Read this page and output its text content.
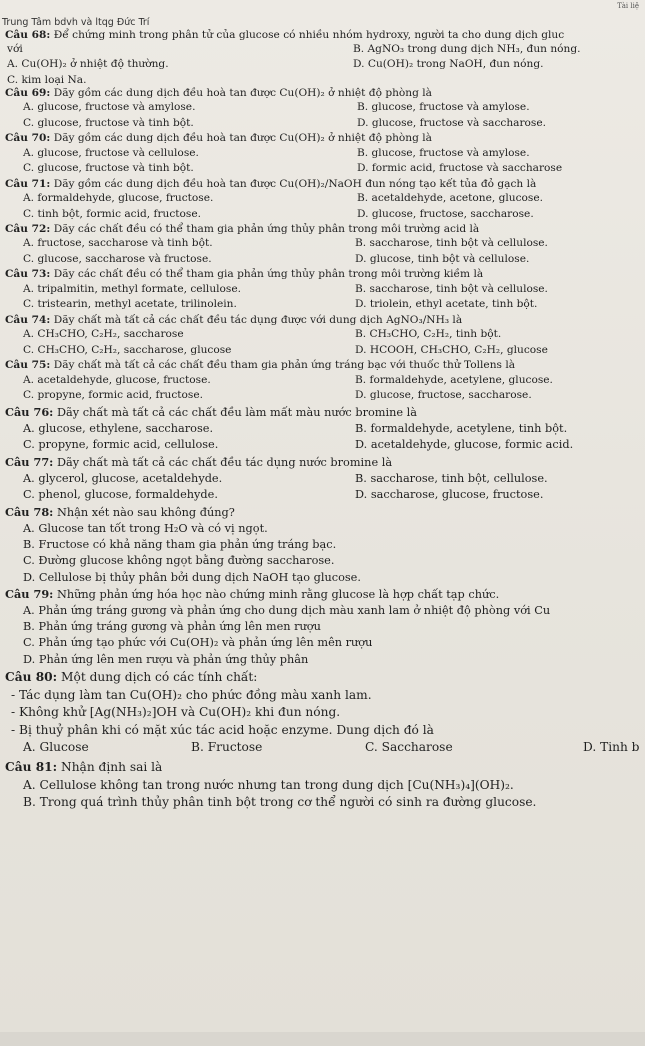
Tài liệ
Trung Tâm bdvh và ltqg Đức Trí

Câu 68: Để chứng minh trong phân tử của glucose có nhiều nhóm hydroxy, người ta cho dung dịch gluc

với	B. AgNO₃ trong dung dịch NH₃, đun nóng.
A. Cu(OH)₂ ở nhiệt độ thường.	D. Cu(OH)₂ trong NaOH, đun nóng.
C. kim loại Na.

Câu 69: Dãy gồm các dung dịch đều hoà tan được Cu(OH)₂ ở nhiệt độ phòng là

A. glucose, fructose và amylose.	B. glucose, fructose và amylose.
C. glucose, fructose và tinh bột.	D. glucose, fructose và saccharose.

Câu 70: Dãy gồm các dung dịch đều hoà tan được Cu(OH)₂ ở nhiệt độ phòng là

A. glucose, fructose và cellulose.	B. glucose, fructose và amylose.
C. glucose, fructose và tinh bột.	D. formic acid, fructose và saccharose

Câu 71: Dãy gồm các dung dịch đều hoà tan được Cu(OH)₂/NaOH đun nóng tạo kết tủa đỏ gạch là

A. formaldehyde, glucose, fructose.	B. acetaldehyde, acetone, glucose.
C. tinh bột, formic acid, fructose.	D. glucose, fructose, saccharose.

Câu 72: Dãy các chất đều có thể tham gia phản ứng thủy phân trong môi trường acid là

A. fructose, saccharose và tinh bột.	B. saccharose, tinh bột và cellulose.
C. glucose, saccharose và fructose.	D. glucose, tinh bột và cellulose.

Câu 73: Dãy các chất đều có thể tham gia phản ứng thủy phân trong môi trường kiềm là

A. tripalmitin, methyl formate, cellulose.	B. saccharose, tinh bột và cellulose.
C. tristearin, methyl acetate, trilinolein.	D. triolein, ethyl acetate, tinh bột.

Câu 74: Dãy chất mà tất cả các chất đều tác dụng được với dung dịch AgNO₃/NH₃ là

A. CH₃CHO, C₂H₂, saccharose	B. CH₃CHO, C₂H₂, tinh bột.
C. CH₃CHO, C₂H₂, saccharose, glucose	D. HCOOH, CH₃CHO, C₂H₂, glucose

Câu 75: Dãy chất mà tất cả các chất đều tham gia phản ứng tráng bạc với thuốc thử Tollens là

A. acetaldehyde, glucose, fructose.	B. formaldehyde, acetylene, glucose.
C. propyne, formic acid, fructose.	D. glucose, fructose, saccharose.

Câu 76: Dãy chất mà tất cả các chất đều làm mất màu nước bromine là

A. glucose, ethylene, saccharose.	B. formaldehyde, acetylene, tinh bột.
C. propyne, formic acid, cellulose.	D. acetaldehyde, glucose, formic acid.

Câu 77: Dãy chất mà tất cả các chất đều tác dụng nước bromine là

A. glycerol, glucose, acetaldehyde.	B. saccharose, tinh bột, cellulose.
C. phenol, glucose, formaldehyde.	D. saccharose, glucose, fructose.

Câu 78: Nhận xét nào sau không đúng?

A. Glucose tan tốt trong H₂O và có vị ngọt.

B. Fructose có khả năng tham gia phản ứng tráng bạc.

C. Đường glucose không ngọt bằng đường saccharose.

D. Cellulose bị thủy phân bởi dung dịch NaOH tạo glucose.

Câu 79: Những phản ứng hóa học nào chứng minh rằng glucose là hợp chất tạp chức.

A. Phản ứng tráng gương và phản ứng cho dung dịch màu xanh lam ở nhiệt độ phòng với Cu

B. Phản ứng tráng gương và phản ứng lên men rượu

C. Phản ứng tạo phức với Cu(OH)₂ và phản ứng lên mên rượu

D. Phản ứng lên men rượu và phản ứng thủy phân

Câu 80: Một dung dịch có các tính chất:

- Tác dụng làm tan Cu(OH)₂ cho phức đồng màu xanh lam.

- Không khử [Ag(NH₃)₂]OH và Cu(OH)₂ khi đun nóng.

- Bị thuỷ phân khi có mặt xúc tác acid hoặc enzyme. Dung dịch đó là

A. Glucose	B. Fructose	C. Saccharose	D. Tinh b

Câu 81: Nhận định sai là

A. Cellulose không tan trong nước nhưng tan trong dung dịch [Cu(NH₃)₄](OH)₂.

B. Trong quá trình thủy phân tinh bột trong cơ thể người có sinh ra đường glucose.
